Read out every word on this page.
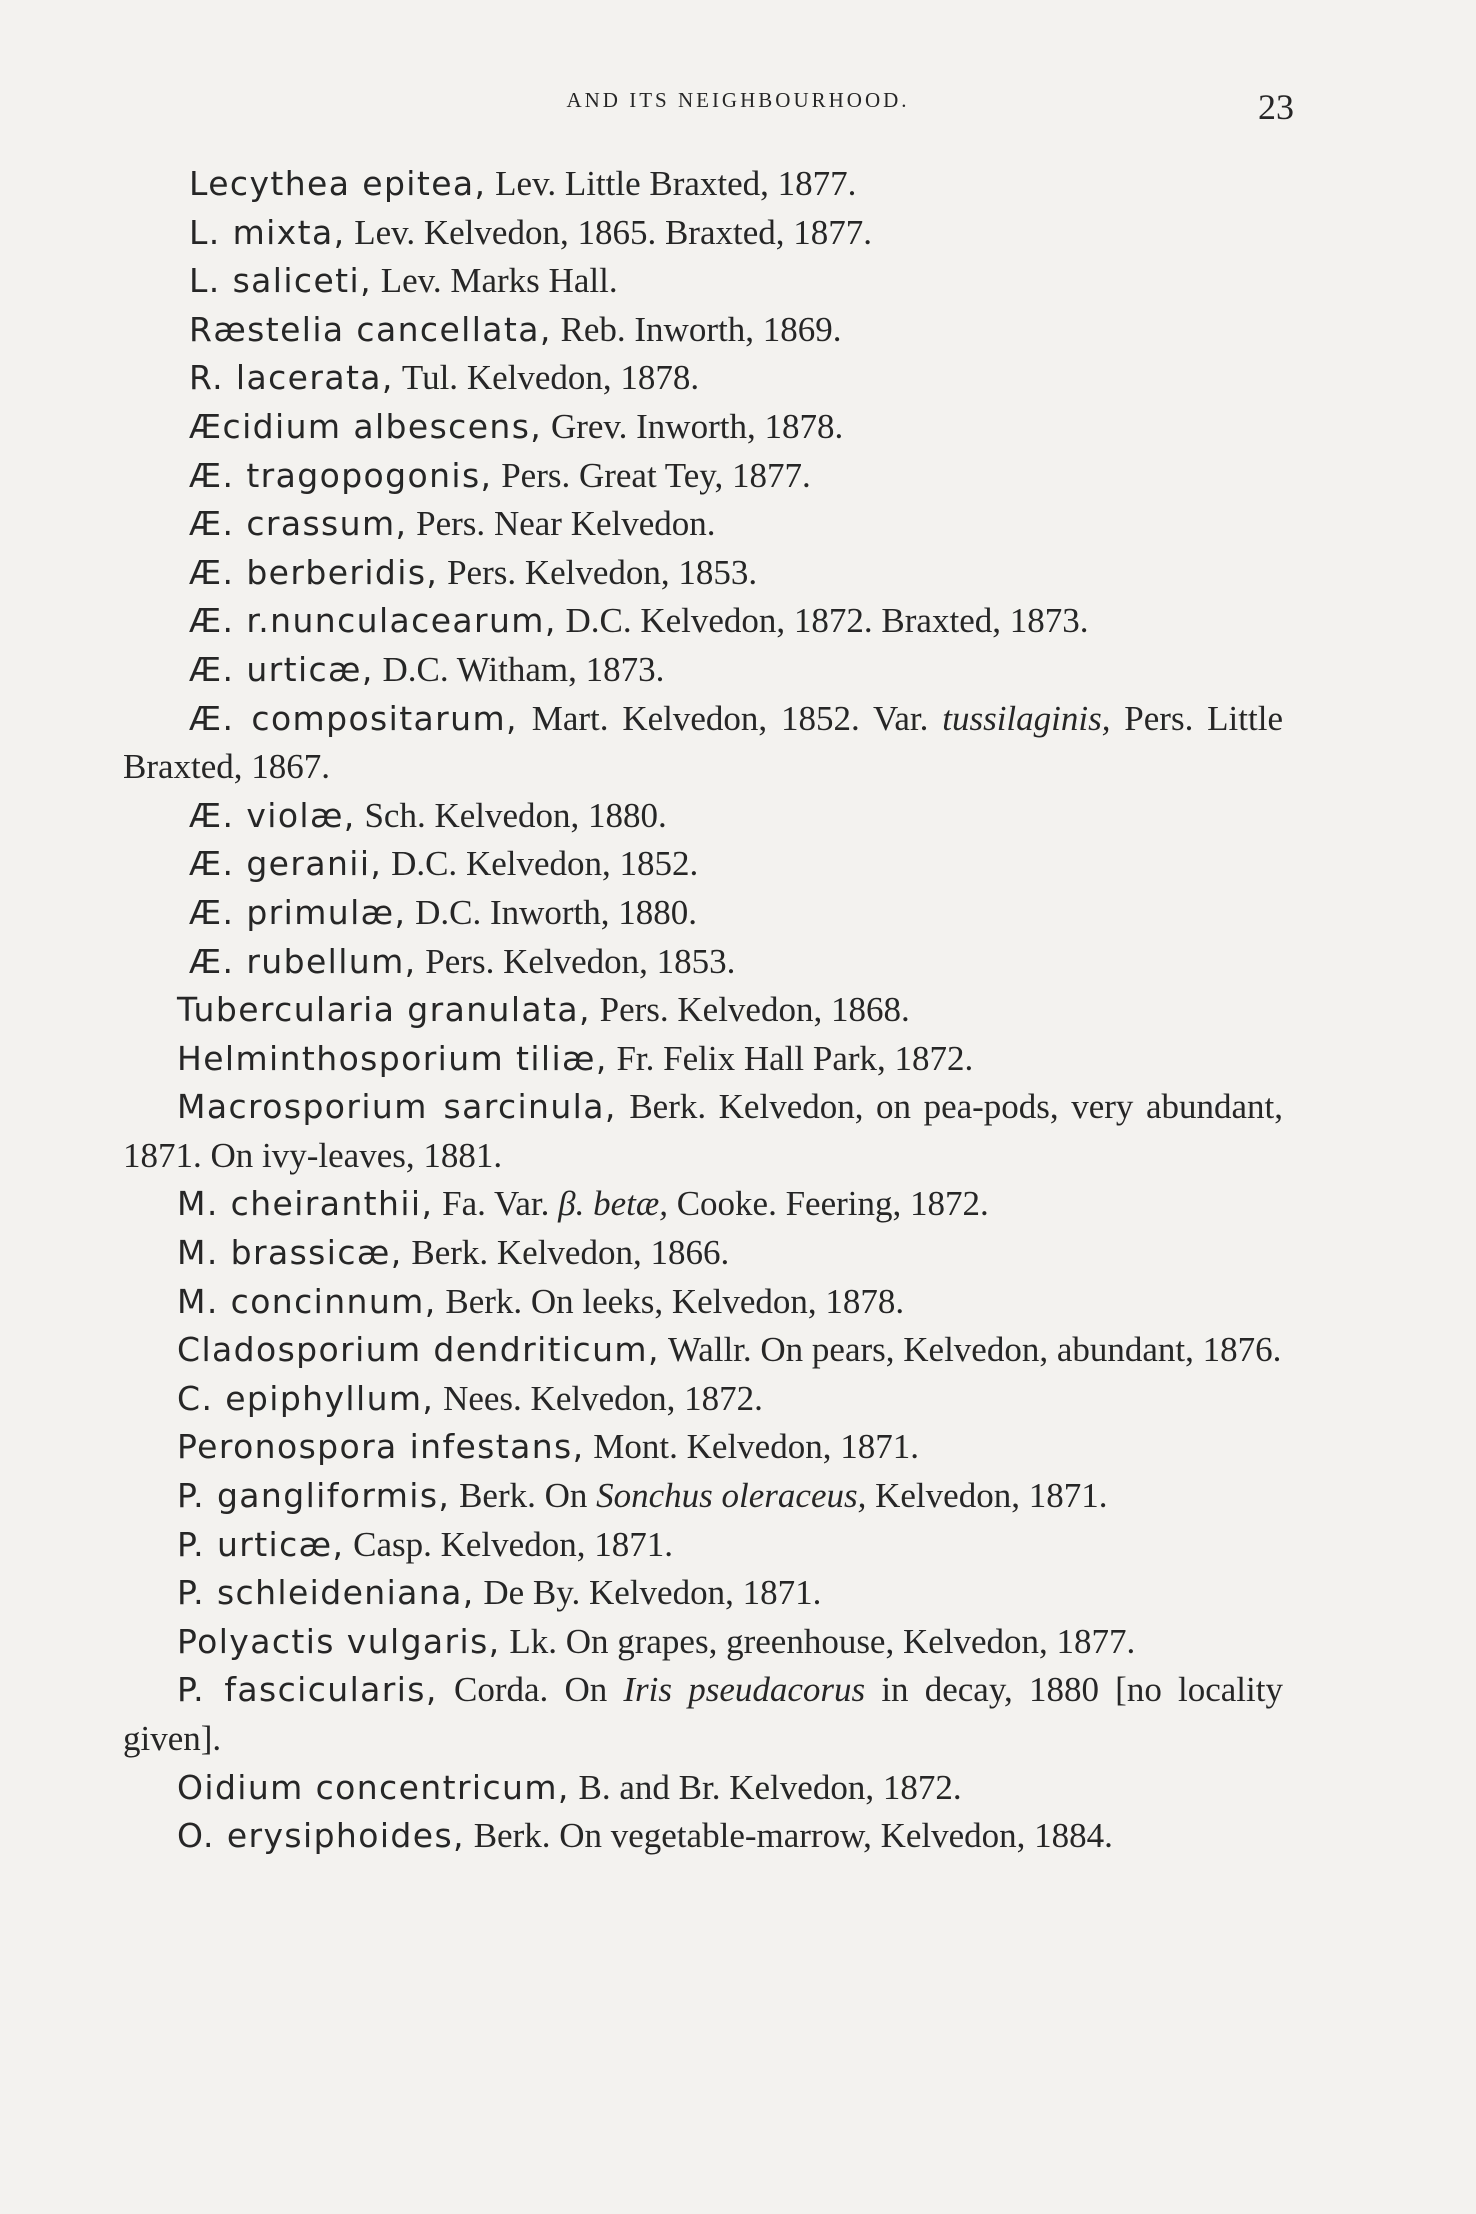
AND ITS NEIGHBOURHOOD.	23

Lecythea epitea, Lev. Little Braxted, 1877.

L. mixta, Lev. Kelvedon, 1865. Braxted, 1877.

L. saliceti, Lev. Marks Hall.

Ræstelia cancellata, Reb. Inworth, 1869.

R. lacerata, Tul. Kelvedon, 1878.

Æcidium albescens, Grev. Inworth, 1878.

Æ. tragopogonis, Pers. Great Tey, 1877.

Æ. crassum, Pers. Near Kelvedon.

Æ. berberidis, Pers. Kelvedon, 1853.

Æ. r.nunculacearum, D.C. Kelvedon, 1872. Braxted, 1873.

Æ. urticæ, D.C. Witham, 1873.

Æ. compositarum, Mart. Kelvedon, 1852. Var. tussilaginis, Pers. Little Braxted, 1867.

Æ. violæ, Sch. Kelvedon, 1880.

Æ. geranii, D.C. Kelvedon, 1852.

Æ. primulæ, D.C. Inworth, 1880.

Æ. rubellum, Pers. Kelvedon, 1853.

Tubercularia granulata, Pers. Kelvedon, 1868.

Helminthosporium tiliæ, Fr. Felix Hall Park, 1872.

Macrosporium sarcinula, Berk. Kelvedon, on pea-pods, very abundant, 1871. On ivy-leaves, 1881.

M. cheiranthii, Fa. Var. β. betæ, Cooke. Feering, 1872.

M. brassicæ, Berk. Kelvedon, 1866.

M. concinnum, Berk. On leeks, Kelvedon, 1878.

Cladosporium dendriticum, Wallr. On pears, Kelvedon, abundant, 1876.

C. epiphyllum, Nees. Kelvedon, 1872.

Peronospora infestans, Mont. Kelvedon, 1871.

P. gangliformis, Berk. On Sonchus oleraceus, Kelvedon, 1871.

P. urticæ, Casp. Kelvedon, 1871.

P. schleideniana, De By. Kelvedon, 1871.

Polyactis vulgaris, Lk. On grapes, greenhouse, Kelvedon, 1877.

P. fascicularis, Corda. On Iris pseudacorus in decay, 1880 [no locality given].

Oidium concentricum, B. and Br. Kelvedon, 1872.

O. erysiphoides, Berk. On vegetable-marrow, Kelvedon, 1884.
